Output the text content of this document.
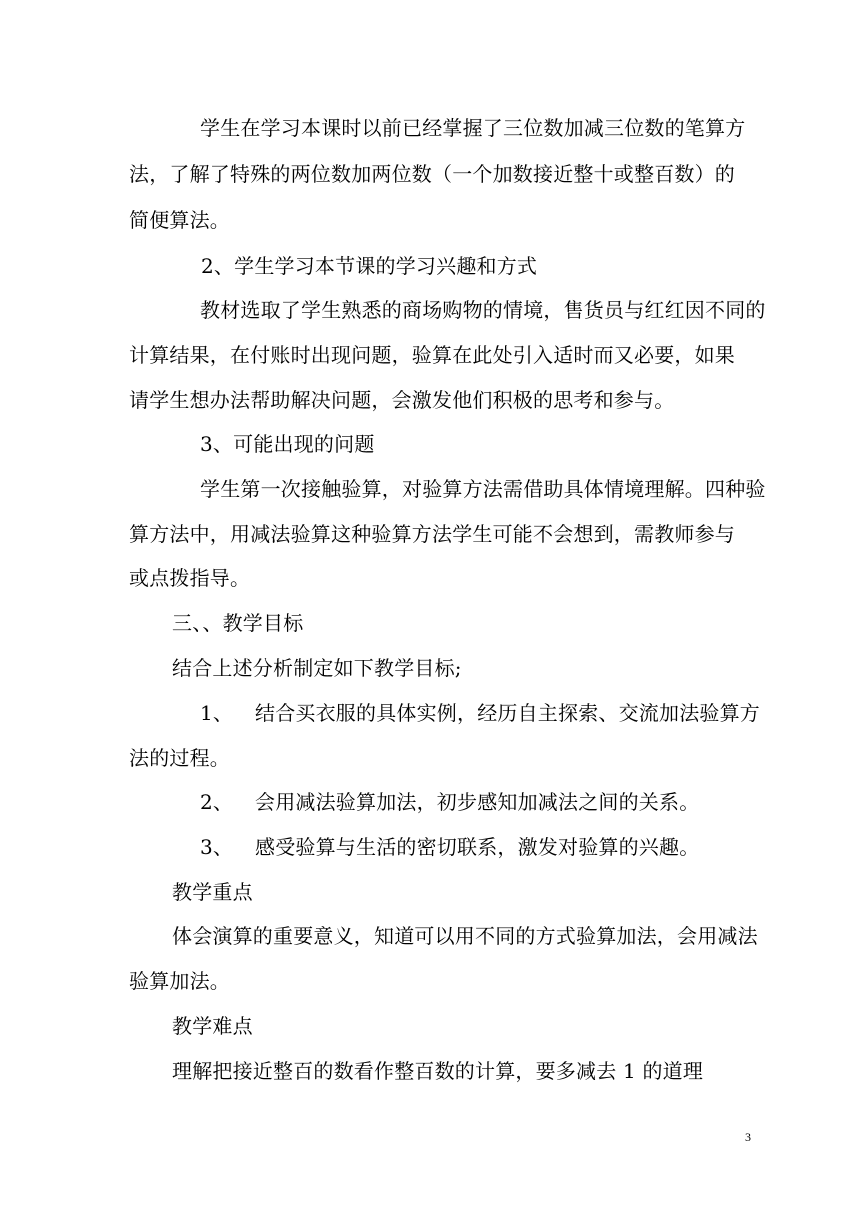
学生在学习本课时以前已经掌握了三位数加减三位数的笔算方
法，了解了特殊的两位数加两位数（一个加数接近整十或整百数）的
简便算法。
2、学生学习本节课的学习兴趣和方式
教材选取了学生熟悉的商场购物的情境，售货员与红红因不同的
计算结果，在付账时出现问题，验算在此处引入适时而又必要，如果
请学生想办法帮助解决问题，会激发他们积极的思考和参与。
3、可能出现的问题
学生第一次接触验算，对验算方法需借助具体情境理解。四种验
算方法中，用减法验算这种验算方法学生可能不会想到，需教师参与
或点拨指导。
三、、教学目标
结合上述分析制定如下教学目标;
1、 结合买衣服的具体实例，经历自主探索、交流加法验算方
法的过程。
2、 会用减法验算加法，初步感知加减法之间的关系。
3、 感受验算与生活的密切联系，激发对验算的兴趣。
教学重点
体会演算的重要意义，知道可以用不同的方式验算加法，会用减法
验算加法。
教学难点
理解把接近整百的数看作整百数的计算，要多减去 1 的道理
3
